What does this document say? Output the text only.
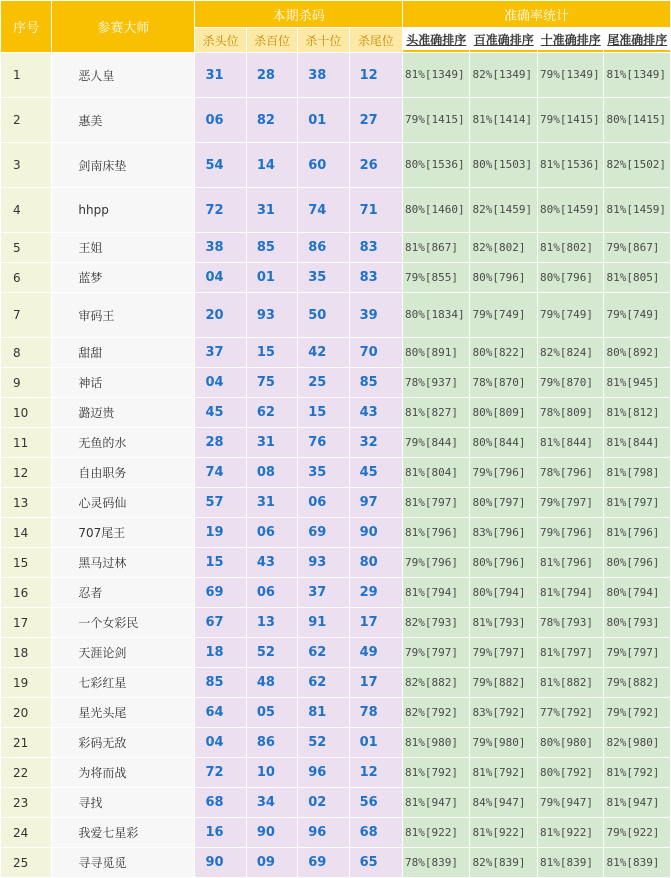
序号	参赛大师	本期杀码				准确率统计			
		杀头位	杀百位	杀十位	杀尾位	头准确排序	百准确排序	十准确排序	尾准确排序
1	恶人皇	31	28	38	12	81%[1349]	82%[1349]	79%[1349]	81%[1349]
2	惠美	06	82	01	27	79%[1415]	81%[1414]	79%[1415]	80%[1415]
3	剑南床垫	54	14	60	26	80%[1536]	80%[1503]	81%[1536]	82%[1502]
4	hhpp	72	31	74	71	80%[1460]	82%[1459]	80%[1459]	81%[1459]
5	王姐	38	85	86	83	81%[867]	82%[802]	81%[802]	79%[867]
6	蓝梦	04	01	35	83	79%[855]	80%[796]	80%[796]	81%[805]
7	审码王	20	93	50	39	80%[1834]	79%[749]	79%[749]	79%[749]
8	甜甜	37	15	42	70	80%[891]	80%[822]	82%[824]	80%[892]
9	神话	04	75	25	85	78%[937]	78%[870]	79%[870]	81%[945]
10	潞迈贵	45	62	15	43	81%[827]	80%[809]	78%[809]	81%[812]
11	无鱼的水	28	31	76	32	79%[844]	80%[844]	81%[844]	81%[844]
12	自由职务	74	08	35	45	81%[804]	79%[796]	78%[796]	81%[798]
13	心灵码仙	57	31	06	97	81%[797]	80%[797]	79%[797]	81%[797]
14	707尾王	19	06	69	90	81%[796]	83%[796]	79%[796]	81%[796]
15	黑马过林	15	43	93	80	79%[796]	80%[796]	81%[796]	80%[796]
16	忍者	69	06	37	29	81%[794]	80%[794]	81%[794]	80%[794]
17	一个女彩民	67	13	91	17	82%[793]	81%[793]	78%[793]	80%[793]
18	天涯论剑	18	52	62	49	79%[797]	79%[797]	81%[797]	79%[797]
19	七彩红星	85	48	62	17	82%[882]	79%[882]	81%[882]	79%[882]
20	星光头尾	64	05	81	78	82%[792]	83%[792]	77%[792]	79%[792]
21	彩码无敌	04	86	52	01	81%[980]	79%[980]	80%[980]	82%[980]
22	为将而战	72	10	96	12	81%[792]	81%[792]	80%[792]	81%[792]
23	寻找	68	34	02	56	81%[947]	84%[947]	79%[947]	81%[947]
24	我爱七星彩	16	90	96	68	81%[922]	81%[922]	81%[922]	79%[922]
25	寻寻觅觅	90	09	69	65	78%[839]	82%[839]	81%[839]	81%[839]
